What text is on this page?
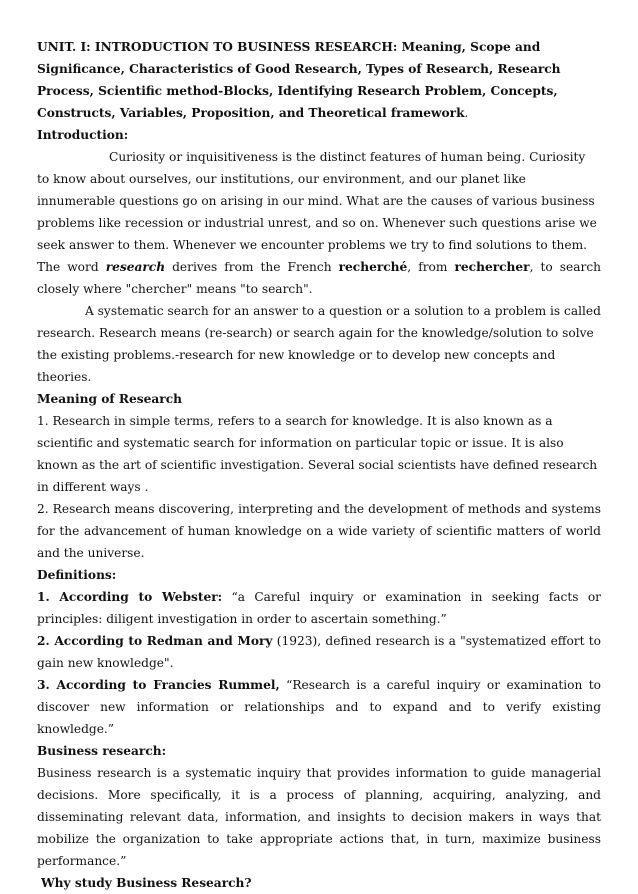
UNIT. I: INTRODUCTION TO BUSINESS RESEARCH: Meaning, Scope and Significance, Characteristics of Good Research, Types of Research, Research Process, Scientific method-Blocks, Identifying Research Problem, Concepts, Constructs, Variables, Proposition, and Theoretical framework.

Introduction:

Curiosity or inquisitiveness is the distinct features of human being. Curiosity to know about ourselves, our institutions, our environment, and our planet like innumerable questions go on arising in our mind. What are the causes of various business problems like recession or industrial unrest, and so on. Whenever such questions arise we seek answer to them. Whenever we encounter problems we try to find solutions to them.

The word research derives from the French recherché, from rechercher, to search closely where "chercher" means "to search".

A systematic search for an answer to a question or a solution to a problem is called research. Research means (re-search) or search again for the knowledge/solution to solve the existing problems.-research for new knowledge or to develop new concepts and theories.

Meaning of Research

1. Research in simple terms, refers to a search for knowledge. It is also known as a scientific and systematic search for information on particular topic or issue. It is also known as the art of scientific investigation. Several social scientists have defined research in different ways .

2. Research means discovering, interpreting and the development of methods and systems for the advancement of human knowledge on a wide variety of scientific matters of world and the universe.

Definitions:

1. According to Webster: “a Careful inquiry or examination in seeking facts or principles: diligent investigation in order to ascertain something.”

2. According to Redman and Mory (1923), defined research is a "systematized effort to gain new knowledge".

3. According to Francies Rummel, “Research is a careful inquiry or examination to discover new information or relationships and to expand and to verify existing knowledge.”

Business research:

Business research is a systematic inquiry that provides information to guide managerial decisions. More specifically, it is a process of planning, acquiring, analyzing, and disseminating relevant data, information, and insights to decision makers in ways that mobilize the organization to take appropriate actions that, in turn, maximize business performance.”

Why study Business Research?
